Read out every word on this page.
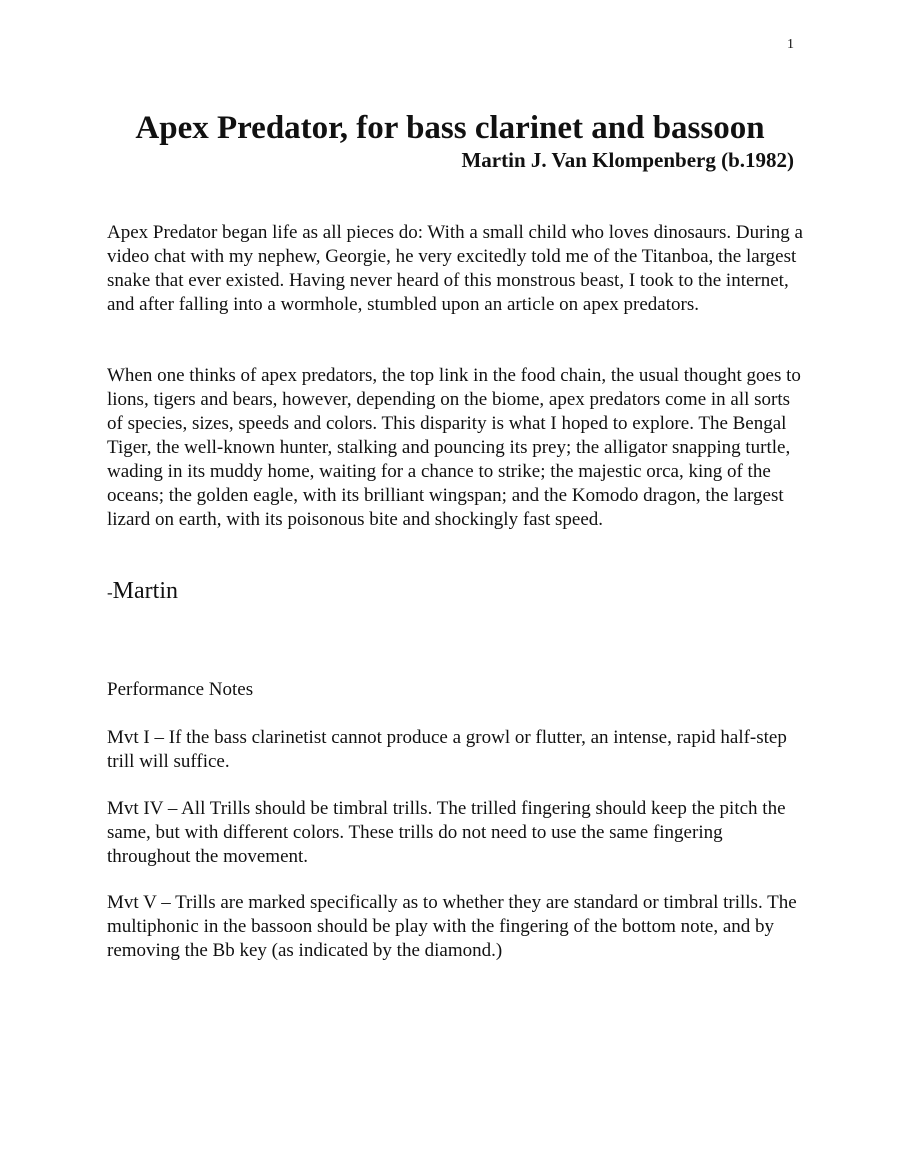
1
Apex Predator, for bass clarinet and bassoon
Martin J. Van Klompenberg (b.1982)

Apex Predator began life as all pieces do: With a small child who loves dinosaurs. During a video chat with my nephew, Georgie, he very excitedly told me of the Titanboa, the largest snake that ever existed. Having never heard of this monstrous beast, I took to the internet, and after falling into a wormhole, stumbled upon an article on apex predators.

When one thinks of apex predators, the top link in the food chain, the usual thought goes to lions, tigers and bears, however, depending on the biome, apex predators come in all sorts of species, sizes, speeds and colors. This disparity is what I hoped to explore. The Bengal Tiger, the well-known hunter, stalking and pouncing its prey; the alligator snapping turtle, wading in its muddy home, waiting for a chance to strike; the majestic orca, king of the oceans; the golden eagle, with its brilliant wingspan; and the Komodo dragon, the largest lizard on earth, with its poisonous bite and shockingly fast speed.

-Martin

Performance Notes

Mvt I – If the bass clarinetist cannot produce a growl or flutter, an intense, rapid half-step trill will suffice.

Mvt IV – All Trills should be timbral trills. The trilled fingering should keep the pitch the same, but with different colors. These trills do not need to use the same fingering throughout the movement.

Mvt V – Trills are marked specifically as to whether they are standard or timbral trills. The multiphonic in the bassoon should be play with the fingering of the bottom note, and by removing the Bb key (as indicated by the diamond.)
